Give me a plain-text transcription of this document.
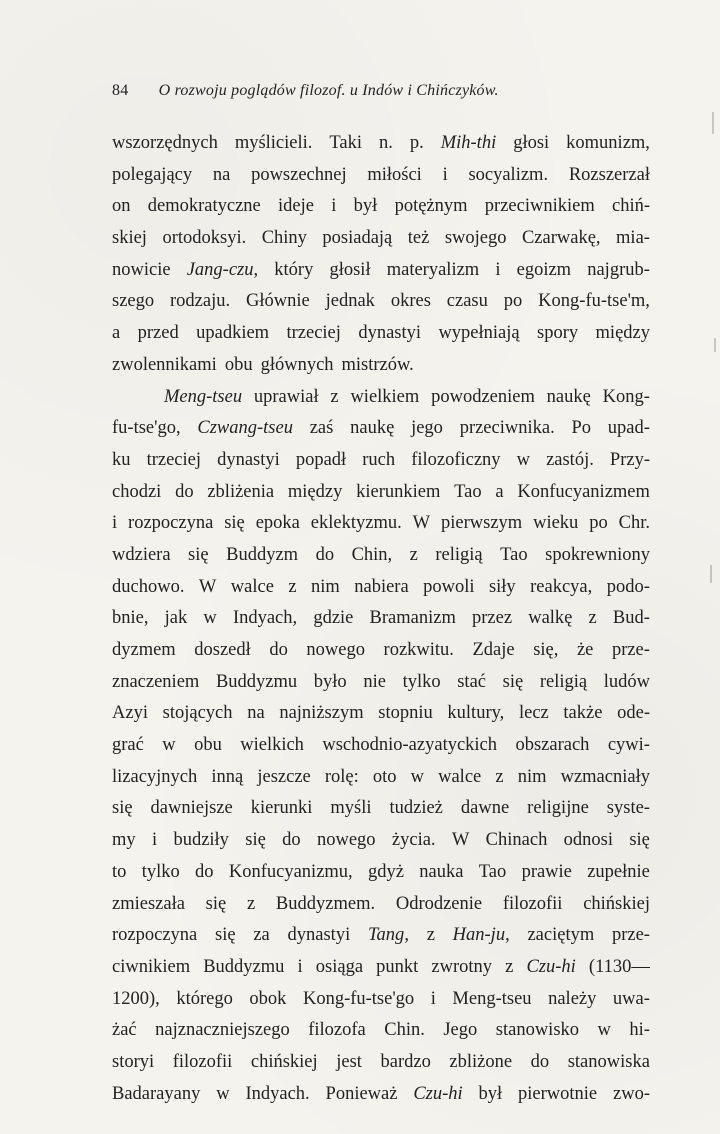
84 O rozwoju poglądów filozof. u Indów i Chińczyków.
wszorzędnych myślicieli. Taki n. p. Mih-thi głosi komunizm,
polegający na powszechnej miłości i socyalizm. Rozszerzał
on demokratyczne ideje i był potężnym przeciwnikiem chiń-
skiej ortodoksyi. Chiny posiadają też swojego Czarwakę, mia-
nowicie Jang-czu, który głosił materyalizm i egoizm najgrub-
szego rodzaju. Głównie jednak okres czasu po Kong-fu-tse'm,
a przed upadkiem trzeciej dynastyi wypełniają spory między
zwolennikami obu głównych mistrzów.
Meng-tseu uprawiał z wielkiem powodzeniem naukę Kong-
fu-tse'go, Czwang-tseu zaś naukę jego przeciwnika. Po upad-
ku trzeciej dynastyi popadł ruch filozoficzny w zastój. Przy-
chodzi do zbliżenia między kierunkiem Tao a Konfucyanizmem
i rozpoczyna się epoka eklektyzmu. W pierwszym wieku po Chr.
wdziera się Buddyzm do Chin, z religią Tao spokrewniony
duchowo. W walce z nim nabiera powoli siły reakcya, podo-
bnie, jak w Indyach, gdzie Bramanizm przez walkę z Bud-
dyzmem doszedł do nowego rozkwitu. Zdaje się, że prze-
znaczeniem Buddyzmu było nie tylko stać się religią ludów
Azyi stojących na najniższym stopniu kultury, lecz także ode-
grać w obu wielkich wschodnio-azyatyckich obszarach cywi-
lizacyjnych inną jeszcze rolę: oto w walce z nim wzmacniały
się dawniejsze kierunki myśli tudzież dawne religijne syste-
my i budziły się do nowego życia. W Chinach odnosi się
to tylko do Konfucyanizmu, gdyż nauka Tao prawie zupełnie
zmieszała się z Buddyzmem. Odrodzenie filozofii chińskiej
rozpoczyna się za dynastyi Tang, z Han-ju, zaciętym prze-
ciwnikiem Buddyzmu i osiąga punkt zwrotny z Czu-hi (1130—
1200), którego obok Kong-fu-tse'go i Meng-tseu należy uwa-
żać najznaczniejszego filozofa Chin. Jego stanowisko w hi-
storyi filozofii chińskiej jest bardzo zbliżone do stanowiska
Badarayany w Indyach. Ponieważ Czu-hi był pierwotnie zwo-
